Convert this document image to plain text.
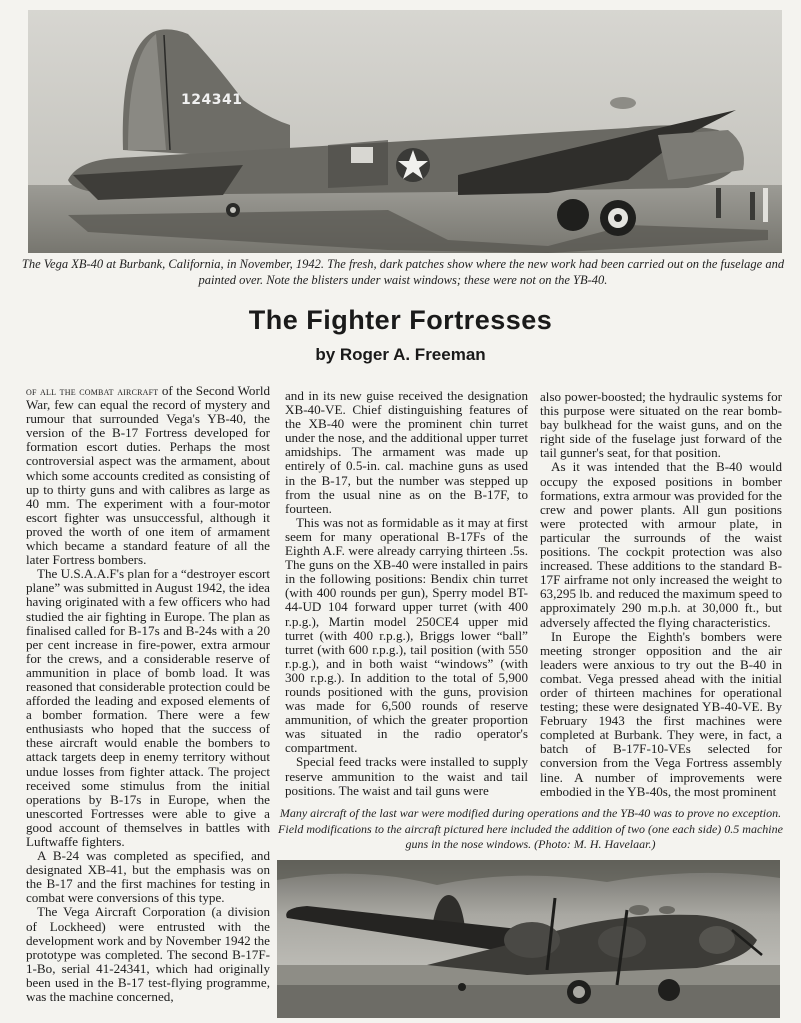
124341
The Vega XB-40 at Burbank, California, in November, 1942. The fresh, dark patches show where the new work had been carried out on the fuselage and painted over. Note the blisters under waist windows; these were not on the YB-40.
The Fighter Fortresses
by Roger A. Freeman

of all the combat aircraft of the Second World War, few can equal the record of mystery and rumour that surrounded Vega's YB-40, the version of the B-17 Fortress developed for formation escort duties. Perhaps the most controversial aspect was the armament, about which some accounts credited as consisting of up to thirty guns and with calibres as large as 40 mm. The experiment with a four-motor escort fighter was unsuccessful, although it proved the worth of one item of armament which became a standard feature of all the later Fortress bombers.

The U.S.A.A.F's plan for a “destroyer escort plane” was submitted in August 1942, the idea having originated with a few officers who had studied the air fighting in Europe. The plan as finalised called for B-17s and B-24s with a 20 per cent increase in fire-power, extra armour for the crews, and a considerable reserve of ammunition in place of bomb load. It was reasoned that considerable protection could be afforded the leading and exposed elements of a bomber formation. There were a few enthusiasts who hoped that the success of these aircraft would enable the bombers to attack targets deep in enemy territory without undue losses from fighter attack. The project received some stimulus from the initial operations by B-17s in Europe, when the unescorted Fortresses were able to give a good account of themselves in battles with Luftwaffe fighters.

A B-24 was completed as specified, and designated XB-41, but the emphasis was on the B-17 and the first machines for testing in combat were conversions of this type.

The Vega Aircraft Corporation (a division of Lockheed) were entrusted with the development work and by November 1942 the prototype was completed. The second B-17F-1-Bo, serial 41-24341, which had originally been used in the B-17 test-flying programme, was the machine concerned,

and in its new guise received the designation XB-40-VE. Chief distinguishing features of the XB-40 were the prominent chin turret under the nose, and the additional upper turret amidships. The armament was made up entirely of 0.5-in. cal. machine guns as used in the B-17, but the number was stepped up from the usual nine as on the B-17F, to fourteen.

This was not as formidable as it may at first seem for many operational B-17Fs of the Eighth A.F. were already carrying thirteen .5s. The guns on the XB-40 were installed in pairs in the following positions: Bendix chin turret (with 400 rounds per gun), Sperry model BT-44-UD 104 forward upper turret (with 400 r.p.g.), Martin model 250CE4 upper mid turret (with 400 r.p.g.), Briggs lower “ball” turret (with 600 r.p.g.), tail position (with 550 r.p.g.), and in both waist “windows” (with 300 r.p.g.). In addition to the total of 5,900 rounds positioned with the guns, provision was made for 6,500 rounds of reserve ammunition, of which the greater proportion was situated in the radio operator's compartment.

Special feed tracks were installed to supply reserve ammunition to the waist and tail positions. The waist and tail guns were

also power-boosted; the hydraulic systems for this purpose were situated on the rear bomb-bay bulkhead for the waist guns, and on the right side of the fuselage just forward of the tail gunner's seat, for that position.

As it was intended that the B-40 would occupy the exposed positions in bomber formations, extra armour was provided for the crew and power plants. All gun positions were protected with armour plate, in particular the surrounds of the waist positions. The cockpit protection was also increased. These additions to the standard B-17F airframe not only increased the weight to 63,295 lb. and reduced the maximum speed to approximately 290 m.p.h. at 30,000 ft., but adversely affected the flying characteristics.

In Europe the Eighth's bombers were meeting stronger opposition and the air leaders were anxious to try out the B-40 in combat. Vega pressed ahead with the initial order of thirteen machines for operational testing; these were designated YB-40-VE. By February 1943 the first machines were completed at Burbank. They were, in fact, a batch of B-17F-10-VEs selected for conversion from the Vega Fortress assembly line. A number of improvements were embodied in the YB-40s, the most prominent

Many aircraft of the last war were modified during operations and the YB-40 was to prove no exception. Field modifications to the aircraft pictured here included the addition of two (one each side) 0.5 machine guns in the nose windows. (Photo: M. H. Havelaar.)
